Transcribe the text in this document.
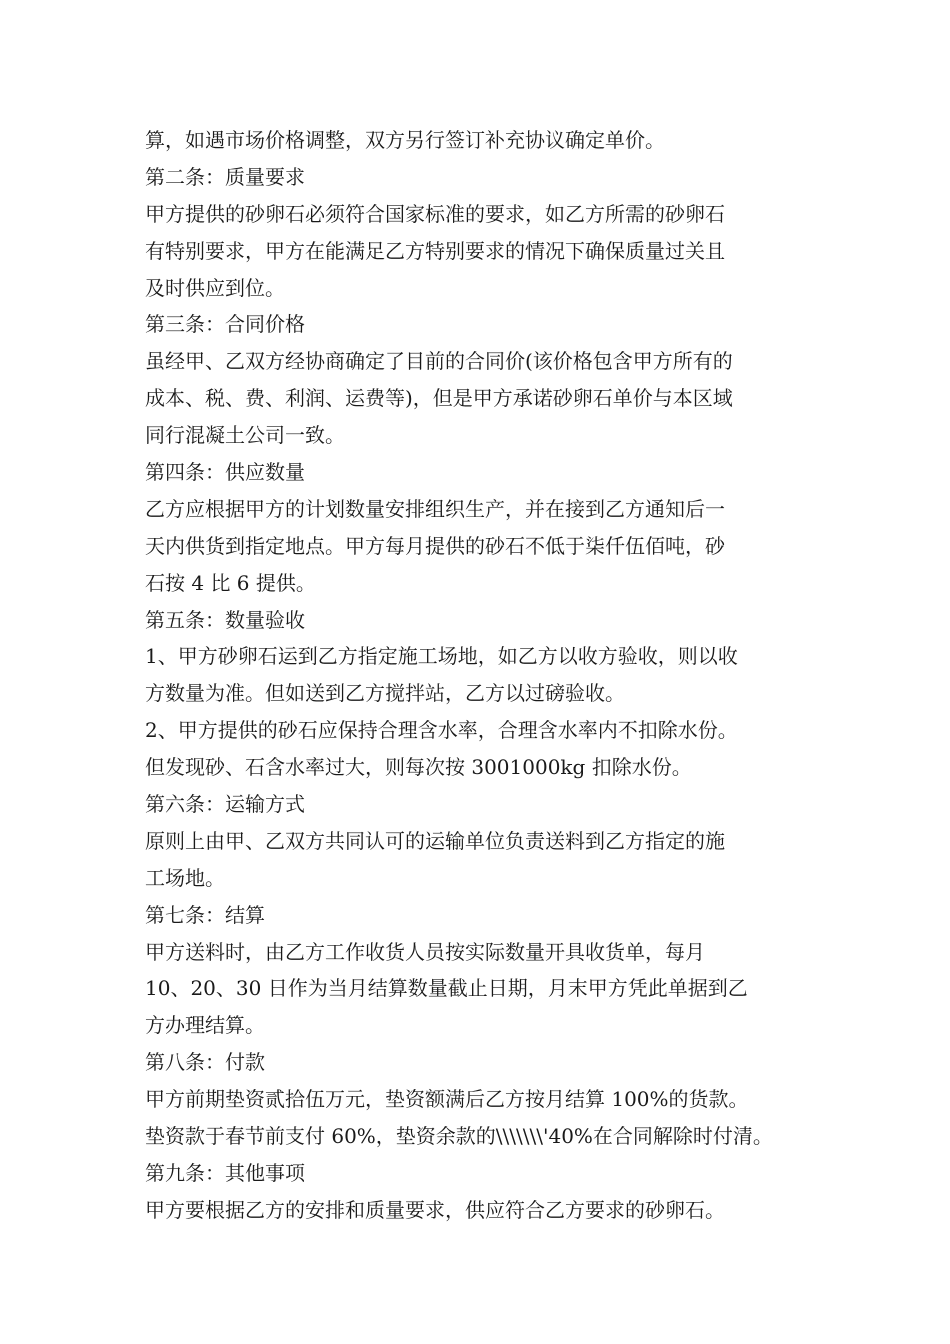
算，如遇市场价格调整，双方另行签订补充协议确定单价。
第二条：质量要求
甲方提供的砂卵石必须符合国家标准的要求，如乙方所需的砂卵石
有特别要求，甲方在能满足乙方特别要求的情况下确保质量过关且
及时供应到位。
第三条：合同价格
虽经甲、乙双方经协商确定了目前的合同价(该价格包含甲方所有的
成本、税、费、利润、运费等)，但是甲方承诺砂卵石单价与本区域
同行混凝土公司一致。
第四条：供应数量
乙方应根据甲方的计划数量安排组织生产，并在接到乙方通知后一
天内供货到指定地点。甲方每月提供的砂石不低于柒仟伍佰吨，砂
石按 4 比 6 提供。
第五条：数量验收
1、甲方砂卵石运到乙方指定施工场地，如乙方以收方验收，则以收
方数量为准。但如送到乙方搅拌站，乙方以过磅验收。
2、甲方提供的砂石应保持合理含水率，合理含水率内不扣除水份。
但发现砂、石含水率过大，则每次按 3001000kg 扣除水份。
第六条：运输方式
原则上由甲、乙双方共同认可的运输单位负责送料到乙方指定的施
工场地。
第七条：结算
甲方送料时，由乙方工作收货人员按实际数量开具收货单，每月
10、20、30 日作为当月结算数量截止日期，月末甲方凭此单据到乙
方办理结算。
第八条：付款
甲方前期垫资贰拾伍万元，垫资额满后乙方按月结算 100%的货款。
垫资款于春节前支付 60%，垫资余款的\\\\\\\'40%在合同解除时付清。
第九条：其他事项
甲方要根据乙方的安排和质量要求，供应符合乙方要求的砂卵石。
